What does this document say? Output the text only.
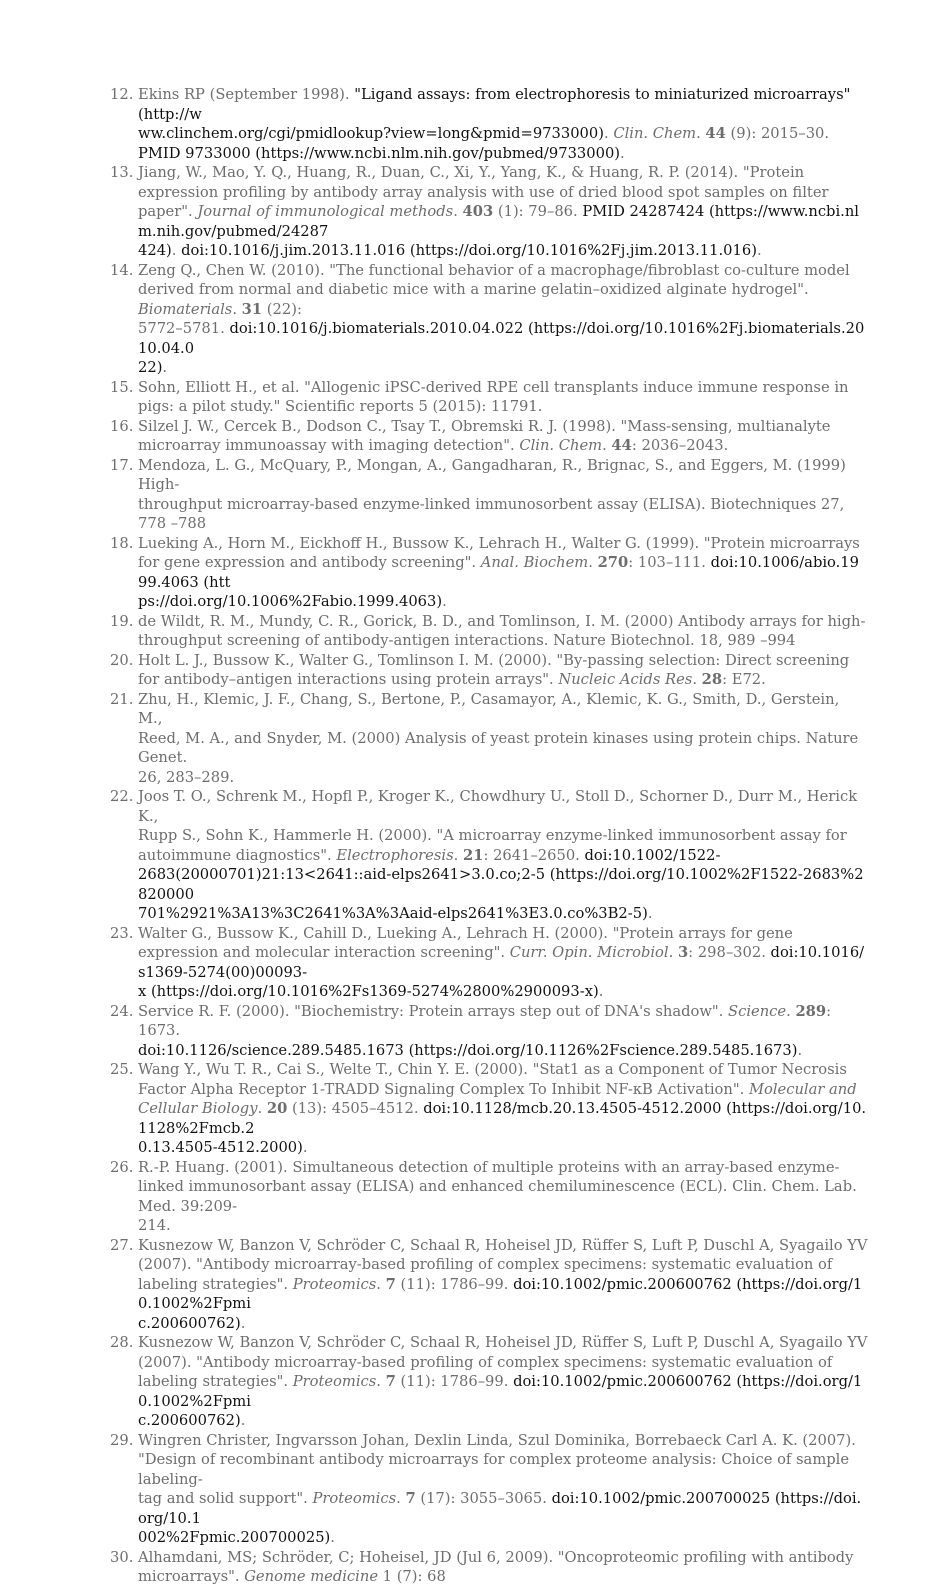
12. Ekins RP (September 1998). "Ligand assays: from electrophoresis to miniaturized microarrays" (http://w
ww.clinchem.org/cgi/pmidlookup?view=long&pmid=9733000). Clin. Chem. 44 (9): 2015–30.
PMID 9733000 (https://www.ncbi.nlm.nih.gov/pubmed/9733000).
13. Jiang, W., Mao, Y. Q., Huang, R., Duan, C., Xi, Y., Yang, K., & Huang, R. P. (2014). "Protein expression profiling by antibody array analysis with use of dried blood spot samples on filter paper". Journal of immunological methods. 403 (1): 79–86. PMID 24287424 (https://www.ncbi.nlm.nih.gov/pubmed/24287
424). doi:10.1016/j.jim.2013.11.016 (https://doi.org/10.1016%2Fj.jim.2013.11.016).
14. Zeng Q., Chen W. (2010). "The functional behavior of a macrophage/fibroblast co-culture model derived from normal and diabetic mice with a marine gelatin–oxidized alginate hydrogel". Biomaterials. 31 (22):
5772–5781. doi:10.1016/j.biomaterials.2010.04.022 (https://doi.org/10.1016%2Fj.biomaterials.2010.04.0
22).
15. Sohn, Elliott H., et al. "Allogenic iPSC-derived RPE cell transplants induce immune response in pigs: a pilot study." Scientific reports 5 (2015): 11791.
16. Silzel J. W., Cercek B., Dodson C., Tsay T., Obremski R. J. (1998). "Mass-sensing, multianalyte microarray immunoassay with imaging detection". Clin. Chem. 44: 2036–2043.
17. Mendoza, L. G., McQuary, P., Mongan, A., Gangadharan, R., Brignac, S., and Eggers, M. (1999) High-
throughput microarray-based enzyme-linked immunosorbent assay (ELISA). Biotechniques 27, 778 –788
18. Lueking A., Horn M., Eickhoff H., Bussow K., Lehrach H., Walter G. (1999). "Protein microarrays for gene expression and antibody screening". Anal. Biochem. 270: 103–111. doi:10.1006/abio.1999.4063 (htt
ps://doi.org/10.1006%2Fabio.1999.4063).
19. de Wildt, R. M., Mundy, C. R., Gorick, B. D., and Tomlinson, I. M. (2000) Antibody arrays for high-
throughput screening of antibody-antigen interactions. Nature Biotechnol. 18, 989 –994
20. Holt L. J., Bussow K., Walter G., Tomlinson I. M. (2000). "By-passing selection: Direct screening for antibody–antigen interactions using protein arrays". Nucleic Acids Res. 28: E72.
21. Zhu, H., Klemic, J. F., Chang, S., Bertone, P., Casamayor, A., Klemic, K. G., Smith, D., Gerstein, M.,
Reed, M. A., and Snyder, M. (2000) Analysis of yeast protein kinases using protein chips. Nature Genet.
26, 283–289.
22. Joos T. O., Schrenk M., Hopfl P., Kroger K., Chowdhury U., Stoll D., Schorner D., Durr M., Herick K.,
Rupp S., Sohn K., Hammerle H. (2000). "A microarray enzyme-linked immunosorbent assay for autoimmune diagnostics". Electrophoresis. 21: 2641–2650. doi:10.1002/1522-
2683(20000701)21:13<2641::aid-elps2641>3.0.co;2-5 (https://doi.org/10.1002%2F1522-2683%2820000
701%2921%3A13%3C2641%3A%3Aaid-elps2641%3E3.0.co%3B2-5).
23. Walter G., Bussow K., Cahill D., Lueking A., Lehrach H. (2000). "Protein arrays for gene expression and molecular interaction screening". Curr. Opin. Microbiol. 3: 298–302. doi:10.1016/s1369-5274(00)00093-
x (https://doi.org/10.1016%2Fs1369-5274%2800%2900093-x).
24. Service R. F. (2000). "Biochemistry: Protein arrays step out of DNA's shadow". Science. 289: 1673.
doi:10.1126/science.289.5485.1673 (https://doi.org/10.1126%2Fscience.289.5485.1673).
25. Wang Y., Wu T. R., Cai S., Welte T., Chin Y. E. (2000). "Stat1 as a Component of Tumor Necrosis Factor Alpha Receptor 1-TRADD Signaling Complex To Inhibit NF-κB Activation". Molecular and Cellular Biology. 20 (13): 4505–4512. doi:10.1128/mcb.20.13.4505-4512.2000 (https://doi.org/10.1128%2Fmcb.2
0.13.4505-4512.2000).
26. R.-P. Huang. (2001). Simultaneous detection of multiple proteins with an array-based enzyme-linked immunosorbant assay (ELISA) and enhanced chemiluminescence (ECL). Clin. Chem. Lab. Med. 39:209-
214.
27. Kusnezow W, Banzon V, Schröder C, Schaal R, Hoheisel JD, Rüffer S, Luft P, Duschl A, Syagailo YV
(2007). "Antibody microarray-based profiling of complex specimens: systematic evaluation of labeling strategies". Proteomics. 7 (11): 1786–99. doi:10.1002/pmic.200600762 (https://doi.org/10.1002%2Fpmi
c.200600762).
28. Kusnezow W, Banzon V, Schröder C, Schaal R, Hoheisel JD, Rüffer S, Luft P, Duschl A, Syagailo YV
(2007). "Antibody microarray-based profiling of complex specimens: systematic evaluation of labeling strategies". Proteomics. 7 (11): 1786–99. doi:10.1002/pmic.200600762 (https://doi.org/10.1002%2Fpmi
c.200600762).
29. Wingren Christer, Ingvarsson Johan, Dexlin Linda, Szul Dominika, Borrebaeck Carl A. K. (2007).
"Design of recombinant antibody microarrays for complex proteome analysis: Choice of sample labeling-
tag and solid support". Proteomics. 7 (17): 3055–3065. doi:10.1002/pmic.200700025 (https://doi.org/10.1
002%2Fpmic.200700025).
30. Alhamdani, MS; Schröder, C; Hoheisel, JD (Jul 6, 2009). "Oncoproteomic profiling with antibody microarrays". Genome medicine 1 (7): 68
